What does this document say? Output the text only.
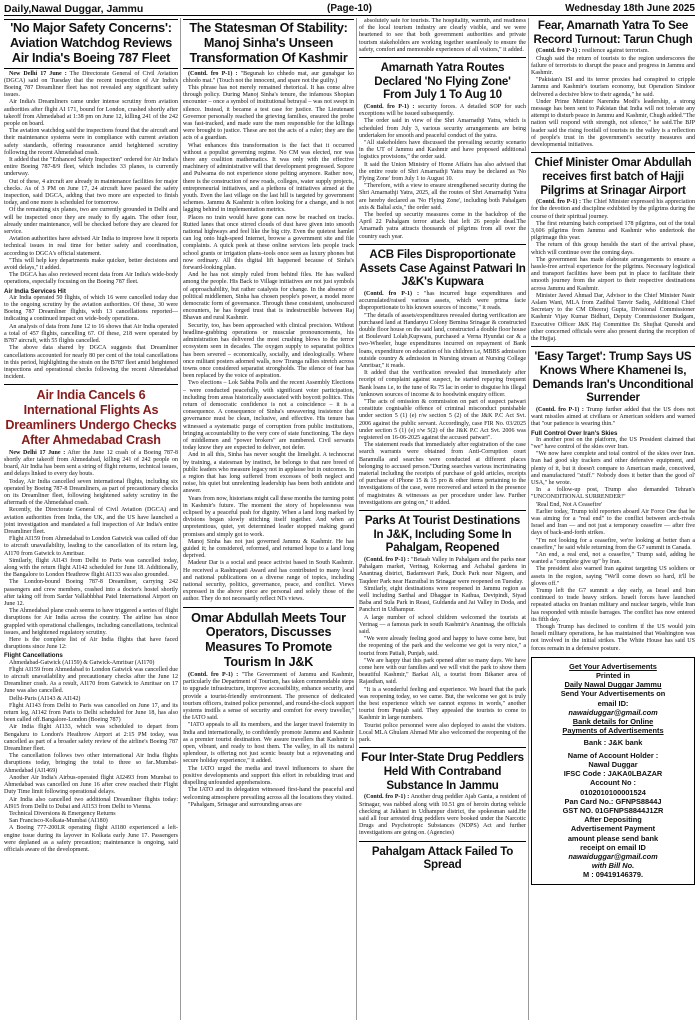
Daily,Nawal Duggar, Jammu	(Page-10)	Wednesday 18th June 2025
'No Major Safety Concerns': Aviation Watchdog Reviews Air India's Boeing 787 Fleet

New Delhi 17 June : The Directorate General of Civil Aviation (DGCA) said on Tuesday that the recent inspection of Air India's Boeing 787 Dreamliner fleet has not revealed any significant safety issues.

Air India's Dreamliners came under intense scrutiny from aviation authorities after flight AI 171, bound for London, crashed shortly after takeoff from Ahmedabad at 1:38 pm on June 12, killing 241 of the 242 people on board.

The aviation watchdog said the inspections found that the aircraft and their maintenance systems were in compliance with current aviation safety standards, offering reassurance amid heightened scrutiny following the recent Ahmedabad crash.

It added that the "Enhanced Safety Inspection" ordered for Air India's entire Boeing 787-8/9 fleet, which includes 33 planes, is currently underway.

Out of these, 4 aircraft are already in maintenance facilities for major checks. As of 3 PM on June 17, 24 aircraft have passed the safety inspection, said DGCA, adding that two more are expected to finish today, and one more is scheduled for tomorrow.

Of the remaining six planes, two are currently grounded in Delhi and will be inspected once they are ready to fly again. The other four, already under maintenance, will be checked before they are cleared for service.

Aviation authorities have advised Air India to improve how it reports technical issues in real time for better safety and coordination, according to DGCA's official statement.

"This will help key departments make quicker, better decisions and avoid delays," it added.

The DGCA has also reviewed recent data from Air India's wide-body operations, especially focusing on the Boeing 787 fleet.

Air India Services Hit

Air India operated 50 flights, of which 16 were cancelled today due to the ongoing scrutiny by the aviation authorities. Of these, 30 were Boeing 787 Dreamliner flights, with 13 cancellations reported—indicating a continued impact on wide-body operations.

An analysis of data from June 12 to 16 shows that Air India operated a total of 457 flights, cancelling 67. Of these, 218 were operated by B787 aircraft, with 55 flights cancelled.

The above data shared by DGCA suggests that Dreamliner cancellations accounted for nearly 80 per cent of the total cancellations in this period, highlighting the strain on the B787 fleet amid heightened inspections and operational checks following the recent Ahmedabad incident.

Air India Cancels 6 International Flights As Dreamliners Undergo Checks After Ahmedabad Crash

New Delhi 17 June : After the June 12 crash of a Boeing 787-8 shortly after takeoff from Ahmedabad, killing 241 of 242 people on board, Air India has been sent a string of flight returns, technical issues, and delays linked to every day bouts.

Today, Air India cancelled seven international flights, including six operated by Boeing 787-8 Dreamliners, as part of precautionary checks on its Dreamliner fleet, following heightened safety scrutiny in the aftermath of the Ahmedabad crash.

Recently, the Directorate General of Civil Aviation (DGCA) and aviation authorities from India, the UK, and the US have launched a joint investigation and mandated a full inspection of Air India's entire Dreamliner fleet.

Flight AI159 from Ahmedabad to London Gatwick was called off due to aircraft unavailability, leading to the cancellation of its return leg, AI170 from Gatwick to Amritsar.

Similarly, flight AI143 from Delhi to Paris was cancelled today, along with the return flight AI142 scheduled for June 18. Additionally, the Bangalore to London Heathrow flight AI133 was also grounded.

The London-bound Boeing 787-8 Dreamliner, carrying 242 passengers and crew members, crashed into a doctor's hostel shortly after taking off from Sardar Vallabhbhai Patel International Airport on June 12.

The Ahmedabad plane crash seems to have triggered a series of flight disruptions for Air India across the country. The airline has since grappled with operational challenges, including cancellations, technical issues, and heightened regulatory scrutiny.

Here is the complete list of Air India flights that have faced disruptions since June 12:

Flight Cancellations

Ahmedabad-Gatwick (AI159) & Gatwick-Amritsar (AI170)

Flight AI159 from Ahmedabad to London Gatwick was cancelled due to aircraft unavailability and precautionary checks after the June 12 Dreamliner crash. As a result, AI170 from Gatwick to Amritsar on 17 June was also cancelled.

Delhi-Paris (AI143 & AI142)

Flight AI143 from Delhi to Paris was cancelled on June 17, and its return leg, AI142 from Paris to Delhi scheduled for June 18, has also been called off.Bangalore-London (Boeing 787)

Air India flight AI133, which was scheduled to depart from Bengaluru to London's Heathrow Airport at 2:15 PM today, was cancelled as part of a broader safety review of the airline's Boeing 787 Dreamliner fleet.

The cancellation follows two other international Air India flights disruptions today, bringing the total to three so far..Mumbai-Ahmedabad (AI1469)

Another Air India's Airbus-operated flight AI2493 from Mumbai to Ahmedabad was cancelled on June 16 after crew reached their Flight Duty Time limit following operational delays.

Air India also cancelled two additional Dreamliner flights today: AI915 from Delhi to Dubai and AI153 from Delhi to Vienna.

Technical Diversions & Emergency Returns

San Francisco-Kolkata-Mumbai (AI180)

A Boeing 777-200LR operating flight AI180 experienced a left-engine issue during its layover in Kolkata early June 17. Passengers were deplaned as a safety precaution; maintenance is ongoing, said officials aware of the development.

The Statesman Of Stability: Manoj Sinha's Unseen Transformation Of Kashmir

(Contd. fro P-1) : "Begunah ko chhedo mat, aur gunahgar ko chhodo mat." (Touch not the innocent, and spare not the guilty.)

This phrase has not merely remained rhetorical. It has come alive through policy. During Manoj Sinha's tenure, the infamous Shopian encounter – once a symbol of institutional betrayal – was not swept in silence. Instead, it became a test case for justice. The Lieutenant Governor personally reached the grieving families, ensured the probe was fast-tracked, and made sure the men responsible for the killings were brought to justice. These are not the acts of a ruler; they are the acts of a guardian.

What enhances this transformation is the fact that it occurred without a populist governing regime. No CM was elected, nor was there any coalition mathematics. It was only with the effective machinery of administrative will that development progressed. Sopore and Pulwama do not experience stone pelting anymore. Rather now, there is the construction of new roads, colleges, water supply projects, entrepreneurial initiatives, and a plethora of initiatives aimed at the youth. Even the last village on the last hill is targeted by government schemes. Jammu & Kashmir is often looking for a change, and is not lagging behind in implementation metrics.

Places no train would have gone can now be reached on tracks. Rutted lanes that once stirred clouds of dust have given into smooth national highways and feel like the big city. Even the quietest hamlet can log onto high-speed Internet, browse a government site and file complaints. A quick peek at these online services lets people track school grants or irrigation plans–tools once seen as luxury phones but now ordinary. All this digital lift happened because of Sinha's forward-looking plan.

And he has not simply ruled from behind files. He has walked among the people. His Back to Village initiatives are not just symbols of approachability, but rather catalysts for change. In the absence of political middlemen, Sinha has chosen people's power, a model more democratic form of governance. Through these consistent, unobscured encounters, he has forged trust that is indestructible between Raj Bhavan and rural Kashmir.

Security, too, has been approached with clinical precision. Without headline-grabbing operations or muscular pronouncements, his administration has delivered the most crushing blows to the terror ecosystem seen in decades. The oxygen supply to separatist politics has been severed – economically, socially, and ideologically. Where once militant posters adorned walls, now Tiranga rallies stretch across towns once considered separatist strongholds. The silence of fear has been replaced by the voice of aspiration.

Two elections – Lok Sabha Polls and the recent Assembly Elections – were conducted peacefully, with significant voter participation, including from areas historically associated with boycott politics. This return of democratic confidence is not a coincidence – it is a consequence. A consequence of Sinha's unwavering insistence that governance must be clean, inclusive, and effective. His tenure has witnessed a systematic purge of corruption from public institutions, bringing accountability to the very core of state functioning. The days of middlemen and "power brokers" are numbered. Civil servants today know they are expected to deliver, not defer.

And in all this, Sinha has never sought the limelight. A technocrat by training, a statesman by instinct, he belongs to that rare breed of public leaders who measure legacy not in applause but in outcomes. In a region that has long suffered from excesses of both neglect and noise, his quiet but unrelenting leadership has been both antidote and answer.

Years from now, historians might call these months the turning point in Kashmir's future. The moment the story of hopelessness was eclipsed by a peaceful push for dignity. When a land long marked by divisions began slowly stitching itself together. And when an unpretentious, quiet, yet determined leader stopped making grand promises and simply got to work.

Manoj Sinha has not just governed Jammu & Kashmir. He has guided it; he considered, reformed, and returned hope to a land long deprived.

Madeur Dar is a social and peace activist based in South Kashmir. He received a Rashtrapati Award and has contributed to many local and national publications on a diverse range of topics, including national security, politics, governance, peace, and conflict. Views expressed in the above piece are personal and solely those of the author. They do not necessarily reflect NI's views.

Omar Abdullah Meets Tour Operators, Discusses Measures To Promote Tourism In J&K

(Contd. fro P-1) : "The Government of Jammu and Kashmir, particularly the Department of Tourism, has taken commendable steps to upgrade infrastructure, improve accessibility, enhance security, and provide a tourist-friendly environment. The presence of dedicated tourism officers, trained police personnel, and round-the-clock support systems instills a sense of security and comfort for every traveller," the IATO said.

"IATO appeals to all its members, and the larger travel fraternity in India and internationally, to confidently promote Jammu and Kashmir as a premier tourist destination. We assure travellers that Kashmir is open, vibrant, and ready to host them. The valley, in all its natural splendour, is offering not just scenic beauty but a rejuvenating and secure holiday experience," it added.

The IATO urged the media and travel influencers to share the positive developments and support this effort in rebuilding trust and dispelling unfounded apprehensions.

The IATO and its delegation witnessed first-hand the peaceful and welcoming atmosphere prevailing across all the locations they visited.

"Pahalgam, Srinagar and surrounding areas are

absolutely safe for tourists. The hospitality, warmth, and readiness of the local tourism industry are clearly visible, and we were heartened to see that both government authorities and private tourism stakeholders are working together seamlessly to ensure the safety, comfort and memorable experiences of all visitors," it added.

Amarnath Yatra Routes Declared 'No Flying Zone' From July 1 To Aug 10

(Contd. fro P-1) : security forces. A detailed SOP for such exceptions will be issued subsequently.

The order said in view of the Shri Amarnathji Yatra, which is scheduled from July 3, various security arrangements are being undertaken for smooth and peaceful conduct of the yatra.

"All stakeholders have discussed the prevailing security scenario in the UT of Jammu and Kashmir and have proposed additional logistics provisions," the order said.

It said the Union Ministry of Home Affairs has also advised that the entire route of Shri Amarnathji Yatra may be declared as 'No Flying Zone' from July 1 to August 10.

"Therefore, with a view to ensure strengthened security during the Shri Amarnathji Yatra, 2025, all the routes of Shri Amarnathji Yatra are hereby declared as 'No Flying Zone', including both Pahalgam axis & Baltal axis," the order said.

The beefed up security measures come in the backdrop of the April 22 Pahalgam terror attack that left 26 people dead.The Amarnath yatra attracts thousands of pilgrims from all over the country each year.

ACB Files Disproportionate Assets Case Against Patwari In J&K's Kupwara

(Contd. fro P-1) : "has incurred huge expenditures and accumulated/raised various assets, which were prima facie disproportionate to his known sources of income," it reads.

"The details of assets/expenditures revealed during verification are purchased land at Handanyu Colony Bemina Srinagar & constructed double floor house on the said land, constructed a double floor house at Boulevard Lolab,Kupwara, purchased a Verna Hyundai car & a two-Wheeler, huge expenditures incurred on repayment of Bank loans, expenditure on education of his children i.e, MBBS admission outside country & admission in Nursing stream at Nursing College Amritsar," it reads.

It added that the verification revealed that immediately after receipt of complaint against suspect, he started repaying frequent Bank loans i.e, to the tune of Rs 75 lac in order to disguise his illegal /unknown sources of income & to hoodwink enquiry officer.

"The acts of omission & commission on part of suspect patwari constitute cognisable offence of criminal misconduct punishable under section 5 (1) (e) r/w section 5 (2) of the J&K P.C Act Svt. 2006 against the public servant. Accordingly, case FIR No. 03/2025 under section 5 (1) (e) r/w 5(2) of the J&K P.C Act Svt. 2006 was registered on 16-06-2025 against the accused patwari".

The statement reads that immediately after registration of the case search warrants were obtained from Anti-Corruption court Baramulla and searches were conducted at different places belonging to accused person."During searches various incriminating material including the receipts of purchase of gold articles, receipts of purchase of iPhone 15 & 15 pro & other items pertaining to the investigations of the case, were recovered and seized in the presence of magistrates & witnesses as per procedure under law. Further investigations are going on," it added.

Parks At Tourist Destinations In J&K, Including Some In Pahalgam, Reopened

(Contd. fro P-1) : "Betaab Valley in Pahalgam and the parks near Pahalgam market, Verinag, Kokernag and Achabal gardens in Anantnag district, Badamwari Park, Duck Park near Nigeen, and Taqdeer Park near Hazratbal in Srinagar were reopened on Tuesday.

Similarly, eight destinations were reopened in Jammu region as well including Sarthal and Dhaggar in Kathua, Devipindi, Siyad Baba and Sula Park in Reasi, Guldanda and Jai Valley in Doda, and Panchcri in Udhampur.

A large number of school children welcomed the tourists at Verinag — a famous park in south Kashmir's Anantnag, the officials said.

"We were already feeling good and happy to have come here, but the reopening of the park and the welcome we got is very nice," a tourist from Patiali, Punjab, said.

"We are happy that this park opened after so many days. We have come here with our families and we will visit the park to show them beautiful Kashmir," Barkat Ali, a tourist from Bikaner area of Rajasthan, said.

"It is a wonderful feeling and experience. We heard that the park was reopening today, so we came. But, the welcome we got is truly the best experience which we cannot express in words," another tourist from Punjab said. They appealed the tourists to come to Kashmir in large numbers.

Tourist police personnel were also deployed to assist the visitors. Local MLA Ghulam Ahmad Mir also welcomed the reopening of the park.

Four Inter-State Drug Peddlers Held With Contraband Substance In Jammu

(Contd. fro P-1) : Another drug peddler Ajab Gania, a resident of Srinagar, was nabbed along with 10.51 gm of heroin during vehicle checking at Jakhani in Udhampur district, the spokesman said.He said all four arrested drug peddlers were booked under the Narcotic Drugs and Psychotropic Substances (NDPS) Act and further investigations are going on. (Agencies)

Pahalgam Attack Failed To Spread
Fear, Amarnath Yatra To See Record Turnout: Tarun Chugh

(Contd. fro P-1) : resilience against terrorism.

Chugh said the return of tourists to the region underscores the failure of terrorists to disrupt the peace and progress in Jammu and Kashmir.

"Pakistan's ISI and its terror proxies had conspired to cripple Jammu and Kashmir's tourism economy, but Operation Sindoor delivered a decisive blow to their agenda," he said.

Under Prime Minister Narendra Modi's leadership, a strong message has been sent to Pakistan that India will not tolerate any attempt to disturb peace in Jammu and Kashmir, Chugh added."The nation will respond with strength, not silence," he said.The BJP leader said the rising footfall of tourists in the valley is a reflection of people's trust in the government's security measures and developmental initiatives.

Chief Minister Omar Abdullah receives first batch of Hajji Pilgrims at Srinagar Airport

(Contd. fro P-1) : The Chief Minister expressed his appreciation for the devotion and discipline exhibited by the pilgrims during the course of their spiritual journey.

The first returning batch comprised 178 pilgrims, out of the total 3,606 pilgrims from Jammu and Kashmir who undertook the pilgrimage this year.

The return of this group heralds the start of the arrival phase, which will continue over the coming days.

The government has made elaborate arrangements to ensure a hassle-free arrival experience for the pilgrims. Necessary logistical and transport facilities have been put in place to facilitate their smooth journey from the airport to their respective destinations across Jammu and Kashmir.

Minister Javed Ahmad Dar, Advisor to the Chief Minister Nasir Aslam Wani, MLA from Zadibal Tanvir Sadiq, Additional Chief Secretary to the CM Dheeraj Gupta, Divisional Commissioner Kashmir Vijay Kumar Bidhuri, Deputy Commissioner Budgam, Executive Officer J&K Haj Committee Dr. Shujhat Qureshi and other concerned officials were also present during the reception of the Hujjaj.

'Easy Target': Trump Says US Knows Where Khamenei Is, Demands Iran's Unconditional Surrender

(Contd. fro P-1) : Trump further added that the US does not want missiles aimed at civilians or American soldiers and warned that "our patience is wearing thin."

Full Control Over Iran's Skies

In another post on the platform, the US President claimed that "we" have control of the skies over Iran.

"We now have complete and total control of the skies over Iran. Iran had good sky trackers and other defensive equipment, and plenty of it, but it doesn't compare to American made, conceived, and manufactured "stuff." Nobody does it better than the good ol' USA," he wrote.

In a follow-up post, Trump also demanded Tehran's "UNCONDITIONAL SURRENDER!"

'Real End, Not A Ceasefire'

Earlier today, Trump told reporters aboard Air Force One that he was aiming for a "real end" to the conflict between arch-rivals Israel and Iran — and not just a temporary ceasefire — after five days of back-and-forth strikes.

"I'm not looking for a ceasefire, we're looking at better than a ceasefire," he said while returning from the G7 summit in Canada.

"An end, a real end, not a ceasefire," Trump said, adding he wanted a "complete give up" by Iran.

The president also warned Iran against targeting US soldiers or assets in the region, saying "We'll come down so hard, it'll be gloves off."

Trump left the G7 summit a day early, as Israel and Iran continued to trade heavy strikes. Israeli forces have launched repeated attacks on Iranian military and nuclear targets, while Iran has responded with missile barrages. The conflict has now entered its fifth day.

Though Trump has declined to confirm if the US would join Israeli military operations, he has maintained that Washington was not involved in the initial strikes. The White House has said US forces remain in a defensive posture.

Get Your Advertisements
Printed in
Daily Nawal Duggar Jammu
Send Your Advertisements on
email ID:
nawaiduggar@gmail.com
Bank details for Online
Payments of Advertisements
Bank : J&K bank
Name of Account Holder :
Nawal Duggar
IFSC Code : JAKA0LBAZAR
Account No :
0102010100001524
Pan Card No.: GFNPS8844J
GST NO. 01GFNPS8844J1ZR
After Depositing
Advertisement Payment
amount please send bank
receipt on email ID
nawaiduggar@gmail.com
with Bill No.
M : 09419146379.
